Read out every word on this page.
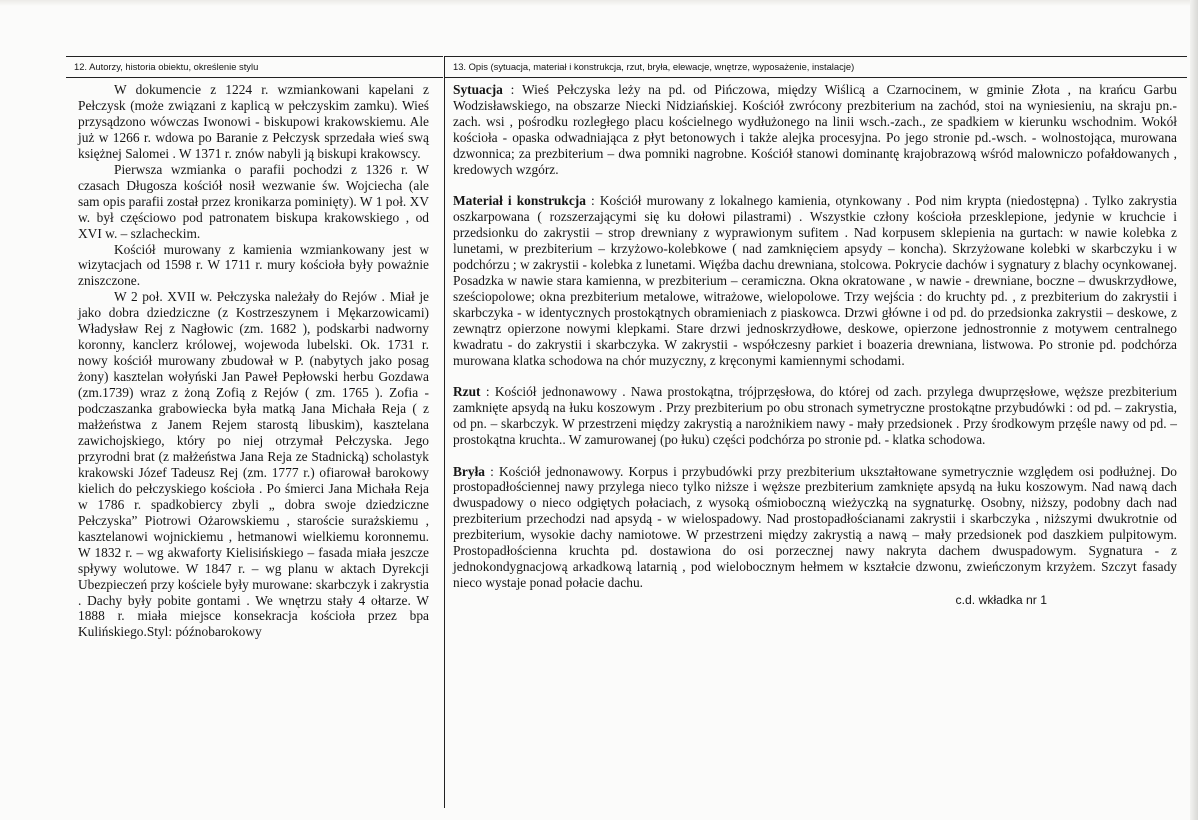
12. Autorzy, historia obiektu, określenie stylu

W dokumencie z 1224 r. wzmiankowani kapelani z Pełczysk (może związani z kaplicą w pełczyskim zamku). Wieś przysądzono wówczas Iwonowi - biskupowi krakowskiemu. Ale już w 1266 r. wdowa po Baranie z Pełczysk sprzedała wieś swą księżnej Salomei . W 1371 r. znów nabyli ją biskupi krakowscy.

Pierwsza wzmianka o parafii pochodzi z 1326 r. W czasach Długosza kościół nosił wezwanie św. Wojciecha (ale sam opis parafii został przez kronikarza pominięty). W 1 poł. XV w. był częściowo pod patronatem biskupa krakowskiego , od XVI w. – szlacheckim.

Kościół murowany z kamienia wzmiankowany jest w wizytacjach od 1598 r. W 1711 r. mury kościoła były poważnie zniszczone.

W 2 poł. XVII w. Pełczyska należały do Rejów . Miał je jako dobra dziedziczne (z Kostrzeszynem i Mękarzowicami) Władysław Rej z Nagłowic (zm. 1682 ), podskarbi nadworny koronny, kanclerz królowej, wojewoda lubelski. Ok. 1731 r. nowy kościół murowany zbudował w P. (nabytych jako posag żony) kasztelan wołyński Jan Paweł Pepłowski herbu Gozdawa (zm.1739) wraz z żoną Zofią z Rejów ( zm. 1765 ). Zofia - podczaszanka grabowiecka była matką Jana Michała Reja ( z małżeństwa z Janem Rejem starostą libuskim), kasztelana zawichojskiego, który po niej otrzymał Pełczyska. Jego przyrodni brat (z małżeństwa Jana Reja ze Stadnicką) scholastyk krakowski Józef Tadeusz Rej (zm. 1777 r.) ofiarował barokowy kielich do pełczyskiego kościoła . Po śmierci Jana Michała Reja w 1786 r. spadkobiercy zbyli „ dobra swoje dziedziczne Pełczyska” Piotrowi Ożarowskiemu , staroście surażskiemu , kasztelanowi wojnickiemu , hetmanowi wielkiemu koronnemu. W 1832 r. – wg akwaforty Kielisińskiego – fasada miała jeszcze spływy wolutowe. W 1847 r. – wg planu w aktach Dyrekcji Ubezpieczeń przy kościele były murowane: skarbczyk i zakrystia . Dachy były pobite gontami . We wnętrzu stały 4 ołtarze. W 1888 r. miała miejsce konsekracja kościoła przez bpa Kulińskiego.Styl: późnobarokowy

13. Opis (sytuacja, materiał i konstrukcja, rzut, bryła, elewacje, wnętrze, wyposażenie, instalacje)

Sytuacja : Wieś Pełczyska leży na pd. od Pińczowa, między Wiślicą a Czarnocinem, w gminie Złota , na krańcu Garbu Wodzisławskiego, na obszarze Niecki Nidziańskiej. Kościół zwrócony prezbiterium na zachód, stoi na wyniesieniu, na skraju pn.-zach. wsi , pośrodku rozległego placu kościelnego wydłużonego na linii wsch.-zach., ze spadkiem w kierunku wschodnim. Wokół kościoła - opaska odwadniająca z płyt betonowych i także alejka procesyjna. Po jego stronie pd.-wsch. - wolnostojąca, murowana dzwonnica; za prezbiterium – dwa pomniki nagrobne. Kościół stanowi dominantę krajobrazową wśród malowniczo pofałdowanych , kredowych wzgórz.

Materiał i konstrukcja : Kościół murowany z lokalnego kamienia, otynkowany . Pod nim krypta (niedostępna) . Tylko zakrystia oszkarpowana ( rozszerzającymi się ku dołowi pilastrami) . Wszystkie człony kościoła przesklepione, jedynie w kruchcie i przedsionku do zakrystii – strop drewniany z wyprawionym sufitem . Nad korpusem sklepienia na gurtach: w nawie kolebka z lunetami, w prezbiterium – krzyżowo-kolebkowe ( nad zamknięciem apsydy – koncha). Skrzyżowane kolebki w skarbczyku i w podchórzu ; w zakrystii - kolebka z lunetami. Więźba dachu drewniana, stolcowa. Pokrycie dachów i sygnatury z blachy ocynkowanej. Posadzka w nawie stara kamienna, w prezbiterium – ceramiczna. Okna okratowane , w nawie - drewniane, boczne – dwuskrzydłowe, sześciopolowe; okna prezbiterium metalowe, witrażowe, wielopolowe. Trzy wejścia : do kruchty pd. , z prezbiterium do zakrystii i skarbczyka - w identycznych prostokątnych obramieniach z piaskowca. Drzwi główne i od pd. do przedsionka zakrystii – deskowe, z zewnątrz opierzone nowymi klepkami. Stare drzwi jednoskrzydłowe, deskowe, opierzone jednostronnie z motywem centralnego kwadratu - do zakrystii i skarbczyka. W zakrystii - współczesny parkiet i boazeria drewniana, listwowa. Po stronie pd. podchórza murowana klatka schodowa na chór muzyczny, z kręconymi kamiennymi schodami.

Rzut : Kościół jednonawowy . Nawa prostokątna, trójprzęsłowa, do której od zach. przylega dwuprzęsłowe, węższe prezbiterium zamknięte apsydą na łuku koszowym . Przy prezbiterium po obu stronach symetryczne prostokątne przybudówki : od pd. – zakrystia, od pn. – skarbczyk. W przestrzeni między zakrystią a narożnikiem nawy - mały przedsionek . Przy środkowym przęśle nawy od pd. – prostokątna kruchta.. W zamurowanej (po łuku) części podchórza po stronie pd. - klatka schodowa.

Bryła : Kościół jednonawowy. Korpus i przybudówki przy prezbiterium ukształtowane symetrycznie względem osi podłużnej. Do prostopadłościennej nawy przylega nieco tylko niższe i węższe prezbiterium zamknięte apsydą na łuku koszowym. Nad nawą dach dwuspadowy o nieco odgiętych połaciach, z wysoką ośmioboczną wieżyczką na sygnaturkę. Osobny, niższy, podobny dach nad prezbiterium przechodzi nad apsydą - w wielospadowy. Nad prostopadłościanami zakrystii i skarbczyka , niższymi dwukrotnie od prezbiterium, wysokie dachy namiotowe. W przestrzeni między zakrystią a nawą – mały przedsionek pod daszkiem pulpitowym. Prostopadłościenna kruchta pd. dostawiona do osi porzecznej nawy nakryta dachem dwuspadowym. Sygnatura - z jednokondygnacjową arkadkową latarnią , pod wielobocznym hełmem w kształcie dzwonu, zwieńczonym krzyżem. Szczyt fasady nieco wystaje ponad połacie dachu.

c.d. wkładka nr 1
